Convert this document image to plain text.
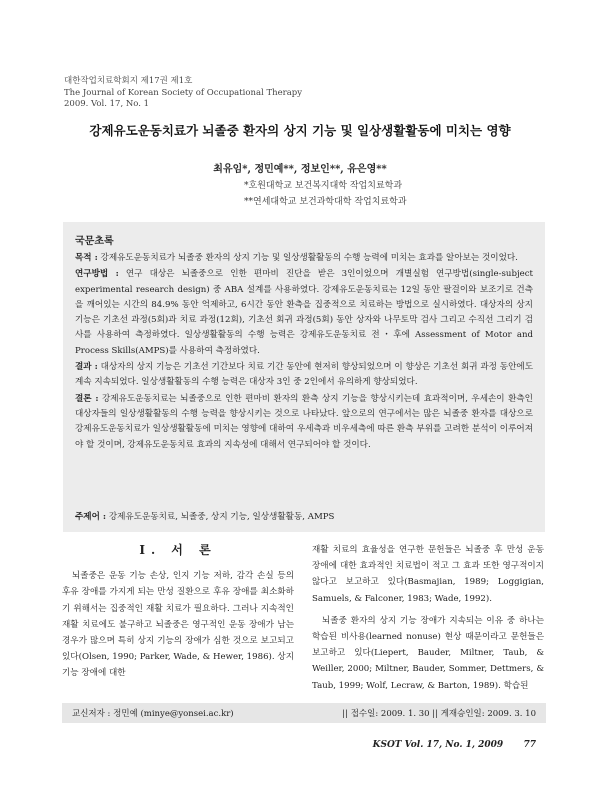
대한작업치료학회지 제17권 제1호
The Journal of Korean Society of Occupational Therapy
2009. Vol. 17, No. 1
강제유도운동치료가 뇌졸중 환자의 상지 기능 및 일상생활활동에 미치는 영향
최유임*, 정민예**, 정보인**, 유은영**
*호원대학교 보건복지대학 작업치료학과
**연세대학교 보건과학대학 작업치료학과
국문초록
목적 : 강제유도운동치료가 뇌졸중 환자의 상지 기능 및 일상생활활동의 수행 능력에 미치는 효과를 알아보는 것이었다.
연구방법 : 연구 대상은 뇌졸중으로 인한 편마비 진단을 받은 3인이었으며 개별실험 연구방법(single-subject experimental research design) 중 ABA 설계를 사용하였다. 강제유도운동치료는 12일 동안 팔걸이와 보조기로 건측을 깨어있는 시간의 84.9% 동안 억제하고, 6시간 동안 환측을 집중적으로 치료하는 방법으로 실시하였다. 대상자의 상지 기능은 기초선 과정(5회)과 치료 과정(12회), 기초선 회귀 과정(5회) 동안 상자와 나무토막 검사 그리고 수직선 그리기 검사를 사용하여 측정하였다. 일상생활활동의 수행 능력은 강제유도운동치료 전・후에 Assessment of Motor and Process Skills(AMPS)를 사용하여 측정하였다.
결과 : 대상자의 상지 기능은 기초선 기간보다 치료 기간 동안에 현저히 향상되었으며 이 향상은 기초선 회귀 과정 동안에도 계속 지속되었다. 일상생활활동의 수행 능력은 대상자 3인 중 2인에서 유의하게 향상되었다.
결론 : 강제유도운동치료는 뇌졸중으로 인한 편마비 환자의 환측 상지 기능을 향상시키는데 효과적이며, 우세손이 환측인 대상자들의 일상생활활동의 수행 능력을 향상시키는 것으로 나타났다. 앞으로의 연구에서는 많은 뇌졸중 환자를 대상으로 강제유도운동치료가 일상생활활동에 미치는 영향에 대하여 우세측과 비우세측에 따른 환측 부위를 고려한 분석이 이루어져야 할 것이며, 강제유도운동치료 효과의 지속성에 대해서 연구되어야 할 것이다.
주제어 : 강제유도운동치료, 뇌졸중, 상지 기능, 일상생활활동, AMPS
Ⅰ. 서 론
뇌졸중은 운동 기능 손상, 인지 기능 저하, 감각 손실 등의 후유 장애를 가지게 되는 만성 질환으로 후유 장애를 최소화하기 위해서는 집중적인 재활 치료가 필요하다. 그러나 지속적인 재활 치료에도 불구하고 뇌졸중은 영구적인 운동 장애가 남는 경우가 많으며 특히 상지 기능의 장애가 심한 것으로 보고되고 있다(Olsen, 1990; Parker, Wade, & Hewer, 1986). 상지 기능 장애에 대한
재활 치료의 효율성을 연구한 문헌들은 뇌졸중 후 만성 운동 장애에 대한 효과적인 치료법이 적고 그 효과 또한 영구적이지 않다고 보고하고 있다(Basmajian, 1989; Loggigian, Samuels, & Falconer, 1983; Wade, 1992).
뇌졸중 환자의 상지 기능 장애가 지속되는 이유 중 하나는 학습된 비사용(learned nonuse) 현상 때문이라고 문헌들은 보고하고 있다(Liepert, Bauder, Miltner, Taub, & Weiller, 2000; Miltner, Bauder, Sommer, Dettmers, & Taub, 1999; Wolf, Lecraw, & Barton, 1989). 학습된
교신저자 : 정민예 (minye@yonsei.ac.kr)	|| 접수일: 2009. 1. 30 || 게재승인일: 2009. 3. 10
KSOT Vol. 17, No. 1, 2009 77
